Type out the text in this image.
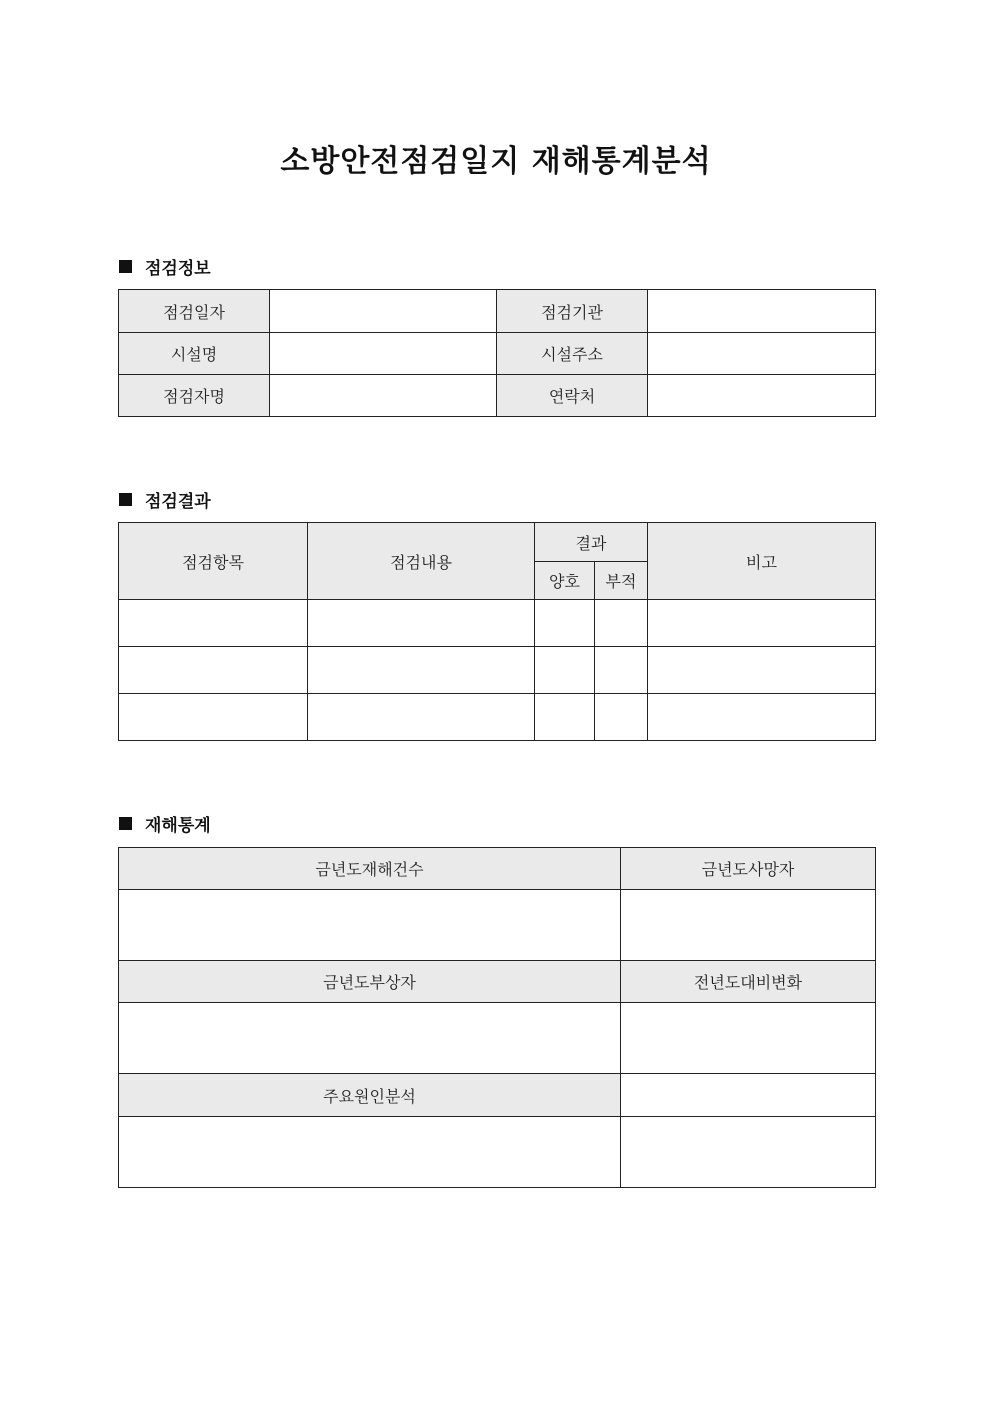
소방안전점검일지 재해통계분석
점검정보
점검일자		점검기관	
시설명		시설주소	
점검자명		연락처	
점검결과
점검항목	점검내용	결과		비고
		양호	부적	

재해통계
금년도재해건수	금년도사망자

금년도부상자	전년도대비변화

주요원인분석	
